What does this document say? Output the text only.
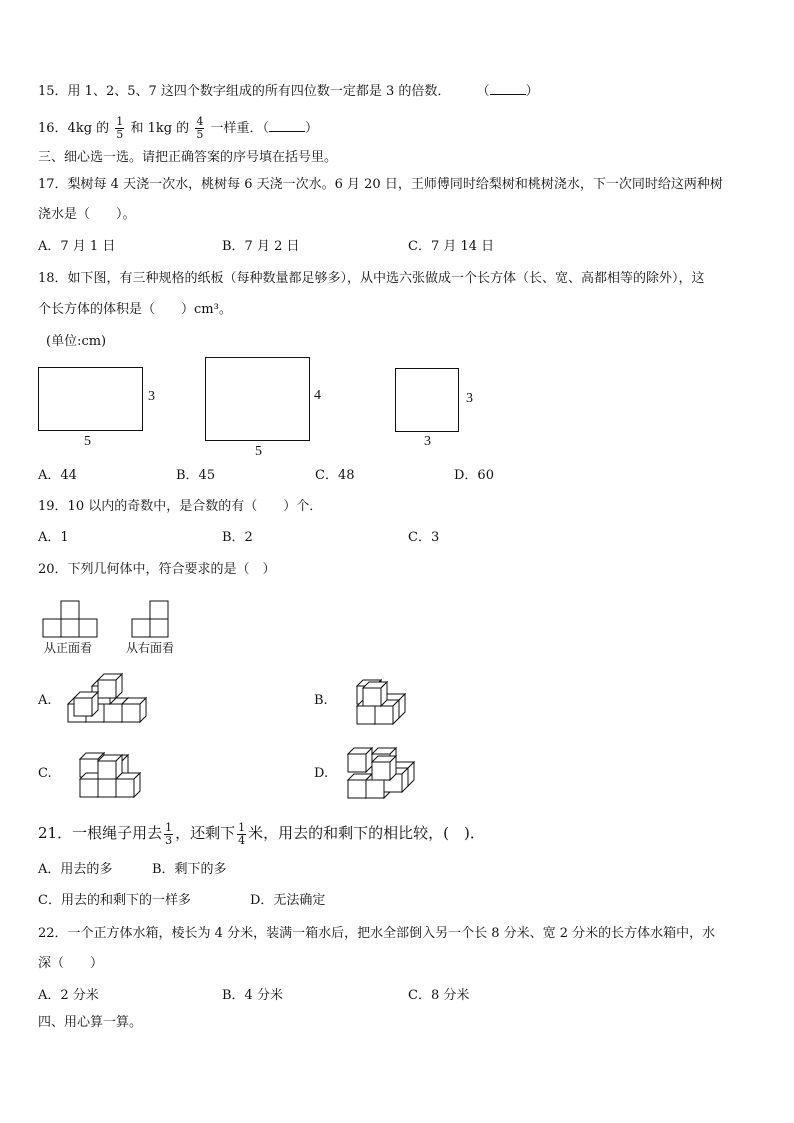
15．用 1、2、5、7 这四个数字组成的所有四位数一定都是 3 的倍数． （	）
16．4kg 的 $\frac{1}{5}$ 和 1kg 的 $\frac{4}{5}$ 一样重．（	）
三、细心选一选。请把正确答案的序号填在括号里。
17．梨树每 4 天浇一次水，桃树每 6 天浇一次水。6 月 20 日，王师傅同时给梨树和桃树浇水，下一次同时给这两种树
浇水是（　　）。
A．7 月 1 日	B．7 月 2 日	C．7 月 14 日
18．如下图，有三种规格的纸板（每种数量都足够多），从中选六张做成一个长方体（长、宽、高都相等的除外），这
个长方体的体积是（　　）cm³。
(单位:cm)
3
5
4
5
3
3
A．44	B．45	C．48	D．60
19．10 以内的奇数中，是合数的有（　　）个．
A．1	B．2	C．3
20．下列几何体中，符合要求的是（　）
从正面看	从右面看
A.	B.
C.	D.
21．一根绳子用去 $\frac{1}{3}$ ，还剩下 $\frac{1}{4}$ 米，用去的和剩下的相比较，(　)．
A．用去的多	B．剩下的多
C．用去的和剩下的一样多	D．无法确定
22．一个正方体水箱，棱长为 4 分米，装满一箱水后，把水全部倒入另一个长 8 分米、宽 2 分米的长方体水箱中，水
深（　　）
A．2 分米	B．4 分米	C．8 分米
四、用心算一算。
